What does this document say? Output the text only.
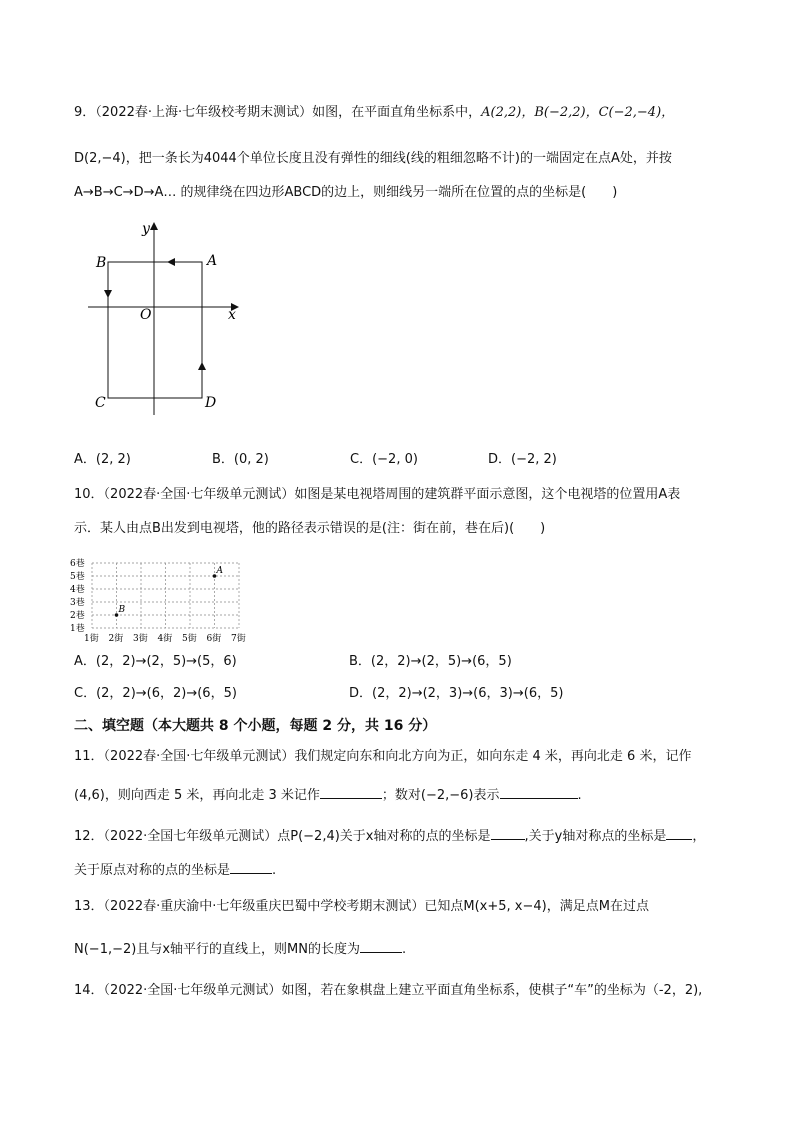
9．（2022春·上海·七年级校考期末测试）如图，在平面直角坐标系中，A(2,2)，B(−2,2)，C(−2,−4)，
D(2,−4)，把一条长为4044个单位长度且没有弹性的细线(线的粗细忽略不计)的一端固定在点A处，并按
A→B→C→D→A… 的规律绕在四边形ABCD的边上，则细线另一端所在位置的点的坐标是(　　)
y
x
O
A
B
C	D
A．(2, 2)	B．(0, 2)	C．(−2, 0)	D．(−2, 2)
10．（2022春·全国·七年级单元测试）如图是某电视塔周围的建筑群平面示意图，这个电视塔的位置用A表
示．某人由点B出发到电视塔，他的路径表示错误的是(注：街在前，巷在后)(　　)
1街 2街 3街 4街 5街 6街 7街
6巷
5巷
4巷
3巷
2巷
1巷
A
B
A．(2，2)→(2，5)→(5，6)	B．(2，2)→(2，5)→(6，5)
C．(2，2)→(6，2)→(6，5)	D．(2，2)→(2，3)→(6，3)→(6，5)
二、填空题（本大题共 8 个小题，每题 2 分，共 16 分）
11．（2022春·全国·七年级单元测试）我们规定向东和向北方向为正，如向东走 4 米，再向北走 6 米，记作
(4,6)，则向西走 5 米，再向北走 3 米记作	；数对(−2,−6)表示	.
12．（2022·全国七年级单元测试）点P(−2,4)关于x轴对称的点的坐标是	,关于y轴对称点的坐标是 ，
关于原点对称的点的坐标是	.
13．（2022春·重庆渝中·七年级重庆巴蜀中学校考期末测试）已知点M(x+5, x−4)，满足点M在过点
N(−1,−2)且与x轴平行的直线上，则MN的长度为	.
14．（2022·全国·七年级单元测试）如图，若在象棋盘上建立平面直角坐标系，使棋子“车”的坐标为（-2，2),
